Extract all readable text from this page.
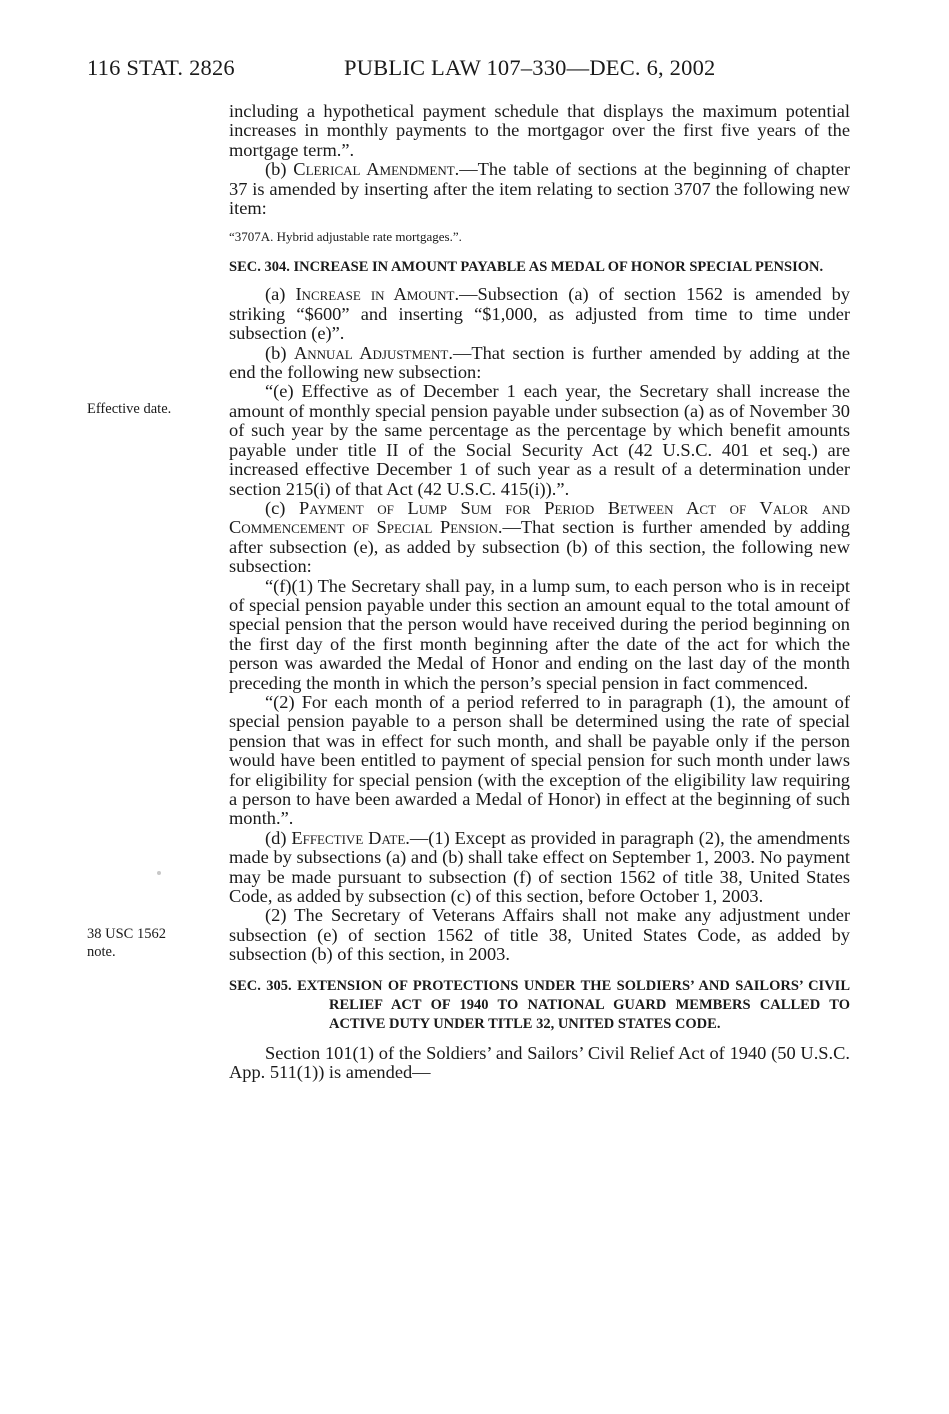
116 STAT. 2826	PUBLIC LAW 107–330—DEC. 6, 2002
Effective date.
38 USC 1562
note.

including a hypothetical payment schedule that displays the maximum potential increases in monthly payments to the mortgagor over the first five years of the mortgage term.”.

(b) Clerical Amendment.—The table of sections at the beginning of chapter 37 is amended by inserting after the item relating to section 3707 the following new item:

“3707A. Hybrid adjustable rate mortgages.”.

SEC. 304. INCREASE IN AMOUNT PAYABLE AS MEDAL OF HONOR SPECIAL PENSION.

(a) Increase in Amount.—Subsection (a) of section 1562 is amended by striking “$600” and inserting “$1,000, as adjusted from time to time under subsection (e)”.

(b) Annual Adjustment.—That section is further amended by adding at the end the following new subsection:

“(e) Effective as of December 1 each year, the Secretary shall increase the amount of monthly special pension payable under subsection (a) as of November 30 of such year by the same percentage as the percentage by which benefit amounts payable under title II of the Social Security Act (42 U.S.C. 401 et seq.) are increased effective December 1 of such year as a result of a determination under section 215(i) of that Act (42 U.S.C. 415(i)).”.

(c) Payment of Lump Sum for Period Between Act of Valor and Commencement of Special Pension.—That section is further amended by adding after subsection (e), as added by subsection (b) of this section, the following new subsection:

“(f)(1) The Secretary shall pay, in a lump sum, to each person who is in receipt of special pension payable under this section an amount equal to the total amount of special pension that the person would have received during the period beginning on the first day of the first month beginning after the date of the act for which the person was awarded the Medal of Honor and ending on the last day of the month preceding the month in which the person’s special pension in fact commenced.

“(2) For each month of a period referred to in paragraph (1), the amount of special pension payable to a person shall be determined using the rate of special pension that was in effect for such month, and shall be payable only if the person would have been entitled to payment of special pension for such month under laws for eligibility for special pension (with the exception of the eligibility law requiring a person to have been awarded a Medal of Honor) in effect at the beginning of such month.”.

(d) Effective Date.—(1) Except as provided in paragraph (2), the amendments made by subsections (a) and (b) shall take effect on September 1, 2003. No payment may be made pursuant to subsection (f) of section 1562 of title 38, United States Code, as added by subsection (c) of this section, before October 1, 2003.

(2) The Secretary of Veterans Affairs shall not make any adjustment under subsection (e) of section 1562 of title 38, United States Code, as added by subsection (b) of this section, in 2003.

SEC. 305. EXTENSION OF PROTECTIONS UNDER THE SOLDIERS’ AND SAILORS’ CIVIL RELIEF ACT OF 1940 TO NATIONAL GUARD MEMBERS CALLED TO ACTIVE DUTY UNDER TITLE 32, UNITED STATES CODE.

Section 101(1) of the Soldiers’ and Sailors’ Civil Relief Act of 1940 (50 U.S.C. App. 511(1)) is amended—
